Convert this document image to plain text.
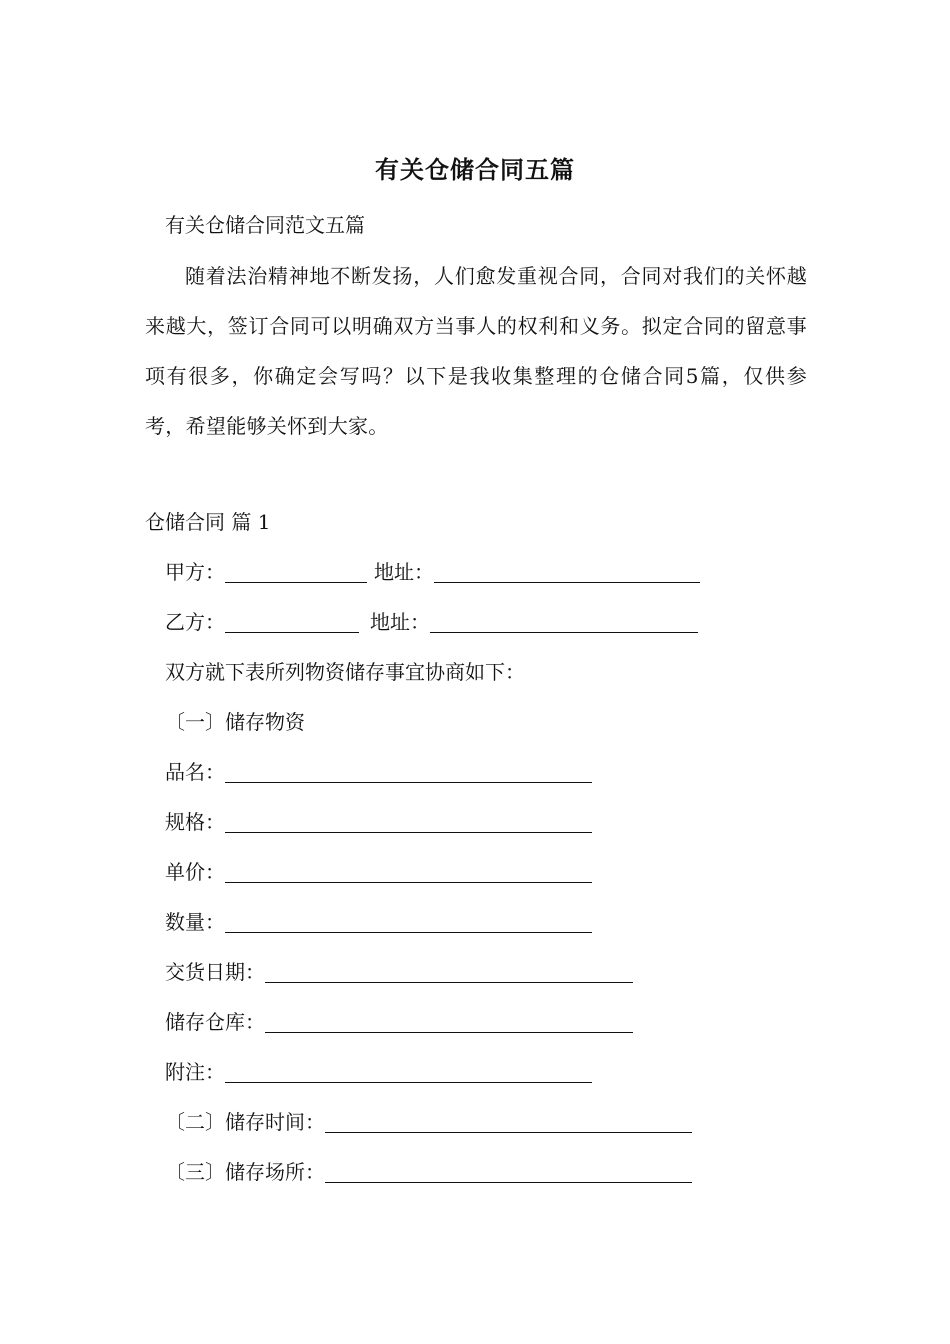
有关仓储合同五篇

有关仓储合同范文五篇

随着法治精神地不断发扬，人们愈发重视合同，合同对我们的关怀越来越大，签订合同可以明确双方当事人的权利和义务。拟定合同的留意事项有很多，你确定会写吗？以下是我收集整理的仓储合同5篇，仅供参考，希望能够关怀到大家。

仓储合同 篇 1

甲方：	地址：
乙方：	地址：
双方就下表所列物资储存事宜协商如下：
〔一〕储存物资
品名：
规格：
单价：
数量：
交货日期：
储存仓库：
附注：
〔二〕储存时间：
〔三〕储存场所：
